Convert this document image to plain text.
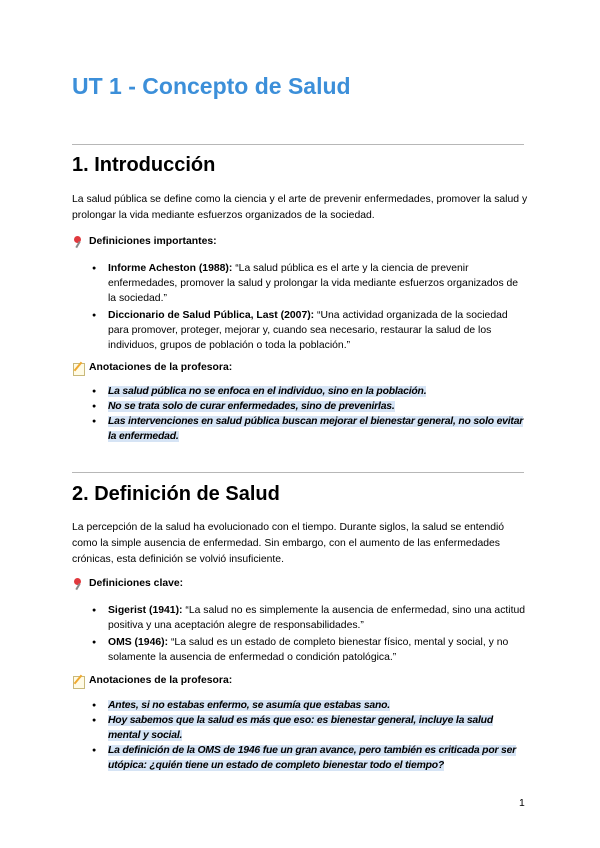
UT 1 - Concepto de Salud
1. Introducción

La salud pública se define como la ciencia y el arte de prevenir enfermedades, promover la salud y prolongar la vida mediante esfuerzos organizados de la sociedad.

Definiciones importantes:
● Informe Acheston (1988): “La salud pública es el arte y la ciencia de prevenir enfermedades, promover la salud y prolongar la vida mediante esfuerzos organizados de la sociedad.”
● Diccionario de Salud Pública, Last (2007): “Una actividad organizada de la sociedad para promover, proteger, mejorar y, cuando sea necesario, restaurar la salud de los individuos, grupos de población o toda la población.”
Anotaciones de la profesora:
● La salud pública no se enfoca en el individuo, sino en la población.
● No se trata solo de curar enfermedades, sino de prevenirlas.
● Las intervenciones en salud pública buscan mejorar el bienestar general, no solo evitar la enfermedad.
2. Definición de Salud

La percepción de la salud ha evolucionado con el tiempo. Durante siglos, la salud se entendió como la simple ausencia de enfermedad. Sin embargo, con el aumento de las enfermedades crónicas, esta definición se volvió insuficiente.

Definiciones clave:
● Sigerist (1941): “La salud no es simplemente la ausencia de enfermedad, sino una actitud positiva y una aceptación alegre de responsabilidades.”
● OMS (1946): “La salud es un estado de completo bienestar físico, mental y social, y no solamente la ausencia de enfermedad o condición patológica.”
Anotaciones de la profesora:
● Antes, si no estabas enfermo, se asumía que estabas sano.
● Hoy sabemos que la salud es más que eso: es bienestar general, incluye la salud mental y social.
● La definición de la OMS de 1946 fue un gran avance, pero también es criticada por ser utópica: ¿quién tiene un estado de completo bienestar todo el tiempo?
1
